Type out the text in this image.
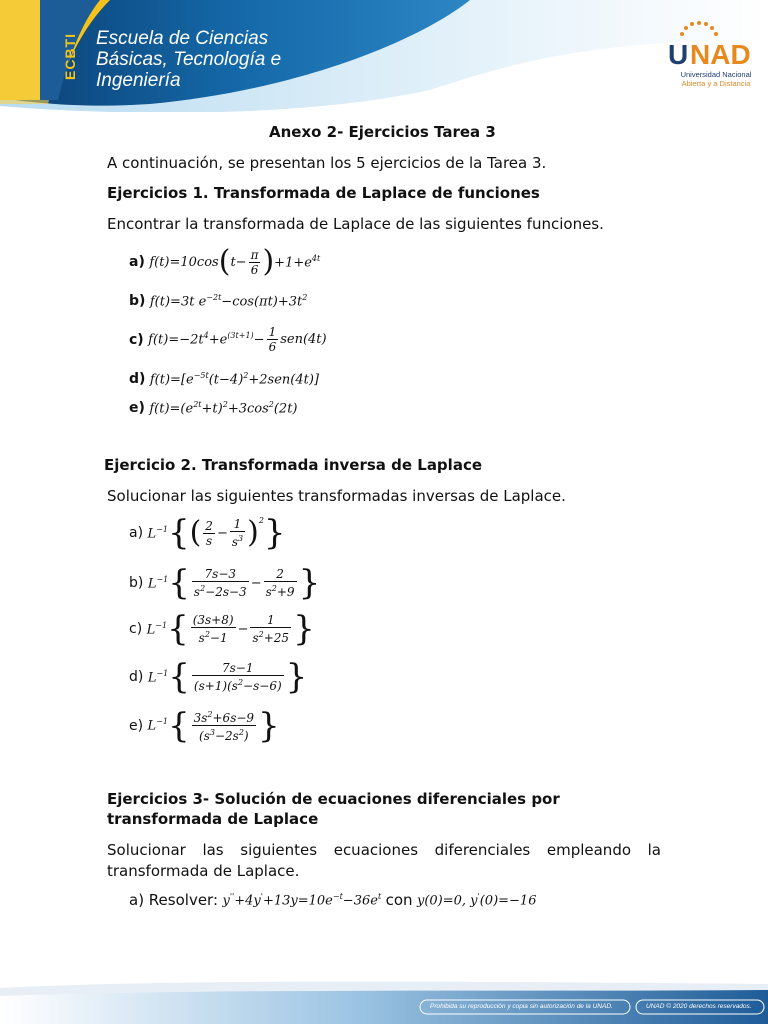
ECBTI Escuela de Ciencias
Básicas, Tecnología e
Ingeniería
U NAD
Universidad Nacional
Abierta y a Distancia
Anexo 2- Ejercicios Tarea 3
A continuación, se presentan los 5 ejercicios de la Tarea 3.
Ejercicios 1. Transformada de Laplace de funciones
Encontrar la transformada de Laplace de las siguientes funciones.
a)
f(t)=10cos ( $t- \frac{\pi}{6}$ ) $+1+e^{4t}$
b)
f(t)=3t $e^{-2t}-\cos(\pi t)+3t^2$
c)
$f(t)=-2t^4+e^{(3t+1)}- \frac{1}{6} sen(4t)$
d)
$f(t)=[e^{-5t}(t-4)^2+2sen(4t)]$
e)
$f(t)=(e^{2t}+t)^2+3\cos^2(2t)$
Ejercicio 2. Transformada inversa de Laplace
Solucionar las siguientes transformadas inversas de Laplace.
a)
$L^{-1}$ { ( $\frac{2}{s} - \frac{1}{s^3}$ ) $^2$ }
b)
$L^{-1}$ { $\frac{7s-3}{s^2-2s-3} - \frac{2}{s^2+9}$ }
c)
$L^{-1}$ { $\frac{(3s+8)}{s^2-1} - \frac{1}{s^2+25}$ }
d)
$L^{-1}$ { $\frac{7s-1}{(s+1)(s^2-s-6)}$ }
e)
$L^{-1}$ { $\frac{3s^2+6s-9}{(s^3-2s^2)}$ }
Ejercicios 3- Solución de ecuaciones diferenciales por
transformada de Laplace
Solucionar las siguientes ecuaciones diferenciales empleando la transformada de Laplace.
a) Resolver:
$y''+4y'+13y=10e^{-t}-36e^t$
con
y(0)=0, y'(0)=−16
Prohibida su reproducción y copia sin autorización de la UNAD.	UNAD © 2020 derechos reservados.
